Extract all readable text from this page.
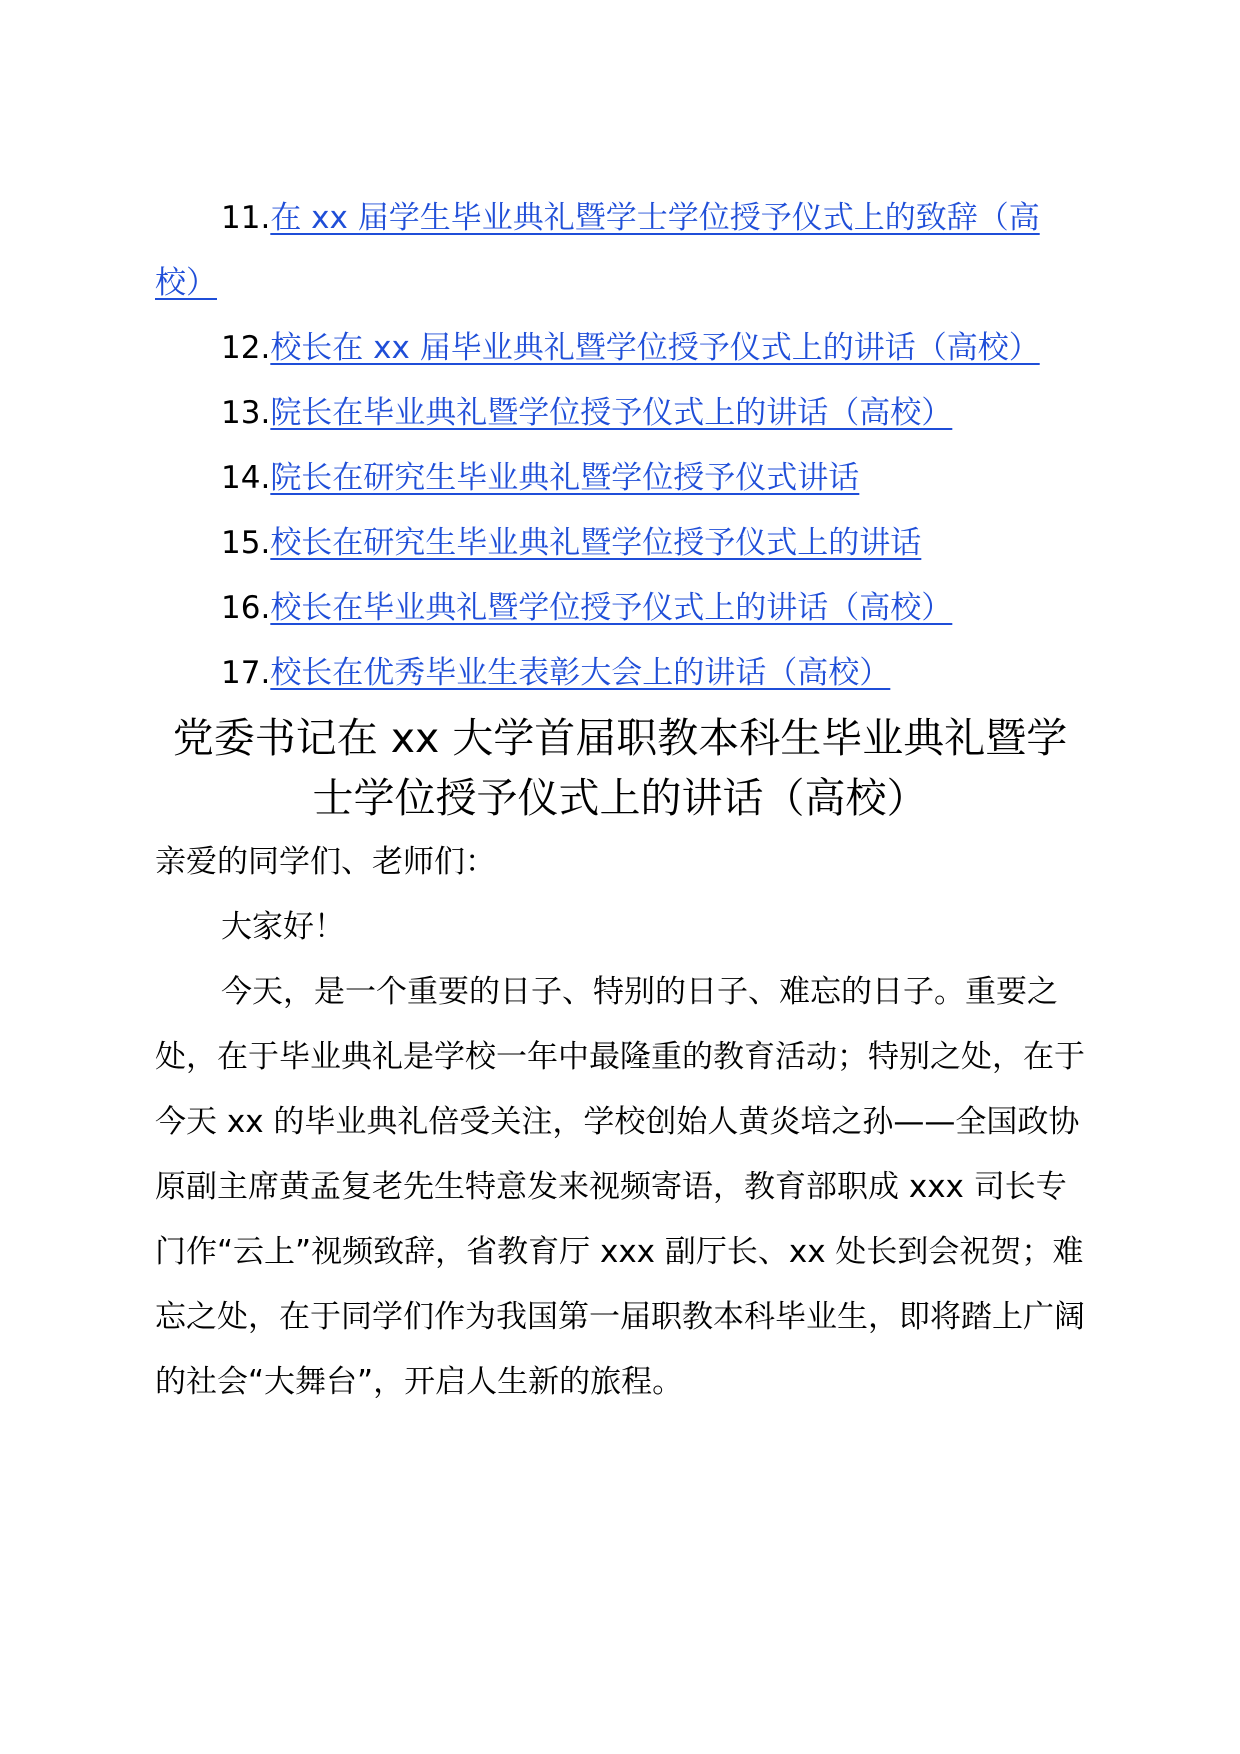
11.在 xx 届学生毕业典礼暨学士学位授予仪式上的致辞（高校）

12.校长在 xx 届毕业典礼暨学位授予仪式上的讲话（高校）

13.院长在毕业典礼暨学位授予仪式上的讲话（高校）

14.院长在研究生毕业典礼暨学位授予仪式讲话

15.校长在研究生毕业典礼暨学位授予仪式上的讲话

16.校长在毕业典礼暨学位授予仪式上的讲话（高校）

17.校长在优秀毕业生表彰大会上的讲话（高校）

党委书记在 xx 大学首届职教本科生毕业典礼暨学士学位授予仪式上的讲话（高校）

亲爱的同学们、老师们：

大家好！

今天，是一个重要的日子、特别的日子、难忘的日子。重要之处，在于毕业典礼是学校一年中最隆重的教育活动；特别之处，在于今天 xx 的毕业典礼倍受关注，学校创始人黄炎培之孙——全国政协原副主席黄孟复老先生特意发来视频寄语，教育部职成 xxx 司长专门作“云上”视频致辞，省教育厅 xxx 副厅长、xx 处长到会祝贺；难忘之处，在于同学们作为我国第一届职教本科毕业生，即将踏上广阔的社会“大舞台”，开启人生新的旅程。
